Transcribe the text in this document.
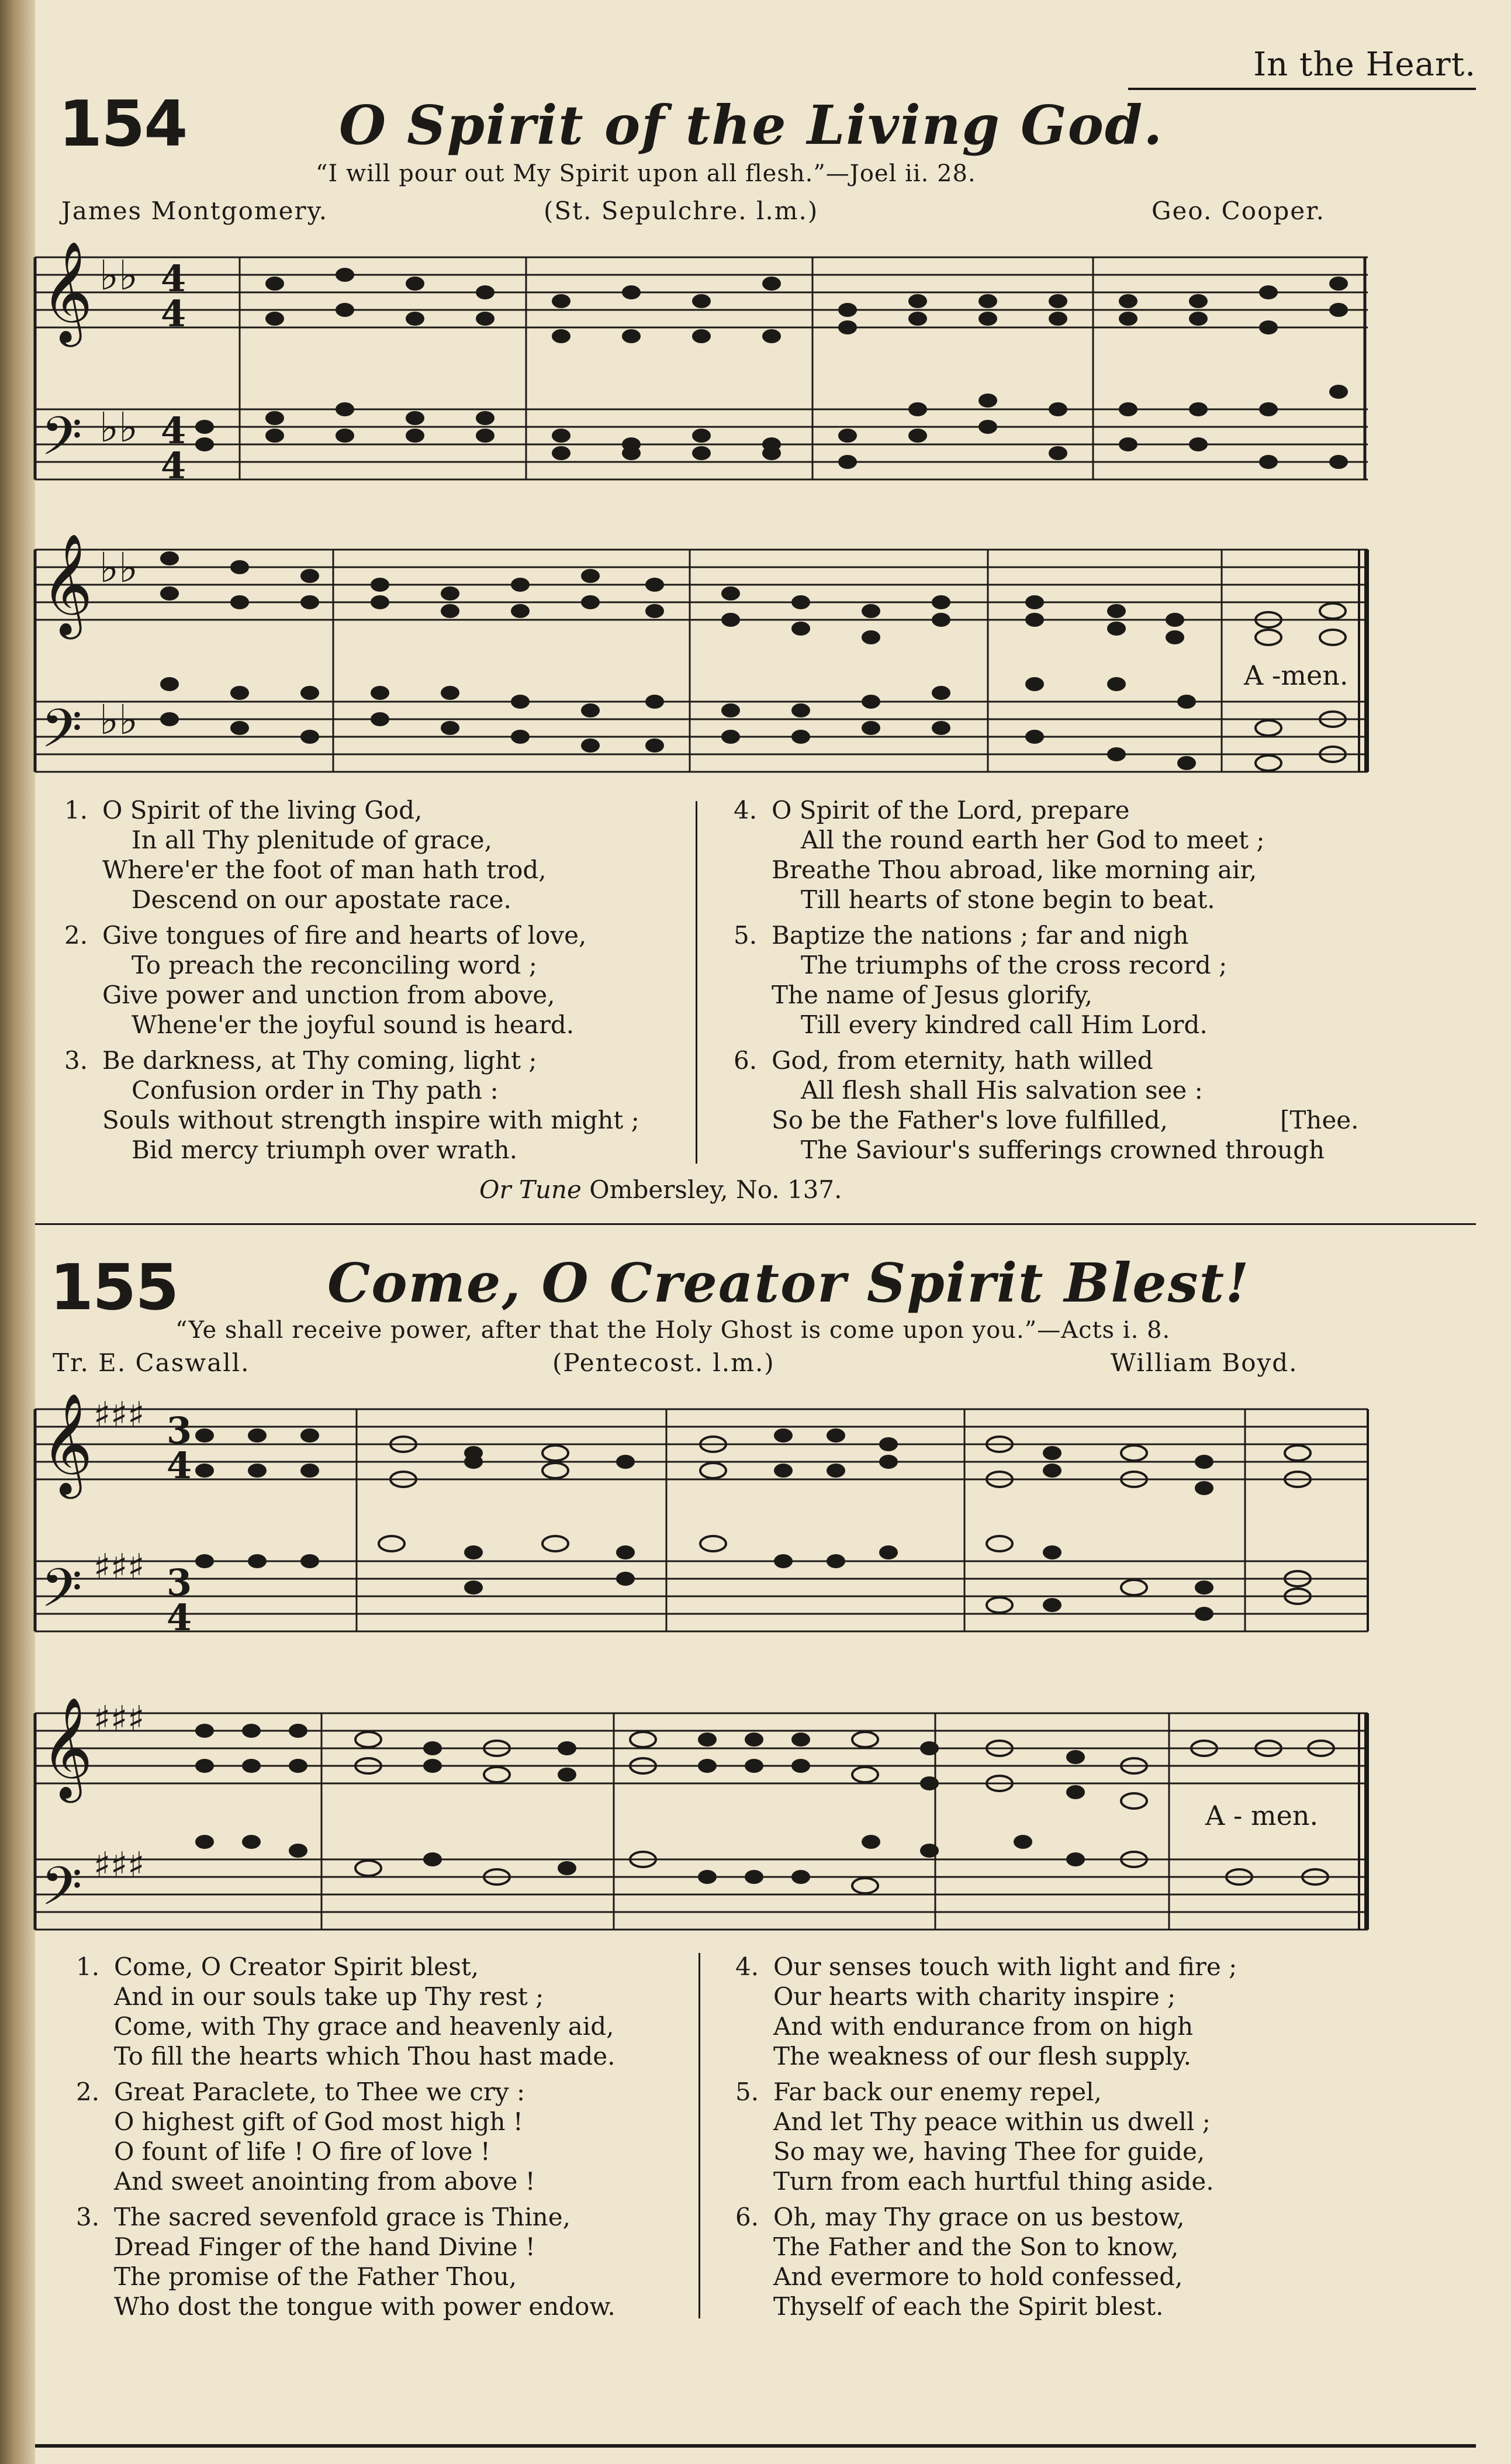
In the Heart.
154	O Spirit of the Living God.
“I will pour out My Spirit upon all flesh.”—Joel ii. 28.
James Montgomery.	(St. Sepulchre. l.m.)	Geo. Cooper.
𝄞
𝄢
𝄞
𝄢
♭♭
♭♭
♭♭
♭♭
4
4
4
4
A -men.
1. O Spirit of the living God,
In all Thy plenitude of grace,
Where'er the foot of man hath trod,
Descend on our apostate race.
2. Give tongues of fire and hearts of love,
To preach the reconciling word ;
Give power and unction from above,
Whene'er the joyful sound is heard.
3. Be darkness, at Thy coming, light ;
Confusion order in Thy path :
Souls without strength inspire with might ;
Bid mercy triumph over wrath.
4. O Spirit of the Lord, prepare
All the round earth her God to meet ;
Breathe Thou abroad, like morning air,
Till hearts of stone begin to beat.
5. Baptize the nations ; far and nigh
The triumphs of the cross record ;
The name of Jesus glorify,
Till every kindred call Him Lord.
6. God, from eternity, hath willed
All flesh shall His salvation see :
So be the Father's love fulfilled,
The Saviour's sufferings crowned through
[Thee.
Or Tune Ombersley, No. 137.
155	Come, O Creator Spirit Blest!
“Ye shall receive power, after that the Holy Ghost is come upon you.”—Acts i. 8.
Tr. E. Caswall.	(Pentecost. l.m.)	William Boyd.
𝄞
𝄢
𝄞
𝄢
♯♯♯
♯♯♯
♯♯♯
♯♯♯
3
4
3
4
A - men.
1. Come, O Creator Spirit blest,
And in our souls take up Thy rest ;
Come, with Thy grace and heavenly aid,
To fill the hearts which Thou hast made.
2. Great Paraclete, to Thee we cry :
O highest gift of God most high !
O fount of life ! O fire of love !
And sweet anointing from above !
3. The sacred sevenfold grace is Thine,
Dread Finger of the hand Divine !
The promise of the Father Thou,
Who dost the tongue with power endow.
4. Our senses touch with light and fire ;
Our hearts with charity inspire ;
And with endurance from on high
The weakness of our flesh supply.
5. Far back our enemy repel,
And let Thy peace within us dwell ;
So may we, having Thee for guide,
Turn from each hurtful thing aside.
6. Oh, may Thy grace on us bestow,
The Father and the Son to know,
And evermore to hold confessed,
Thyself of each the Spirit blest.
